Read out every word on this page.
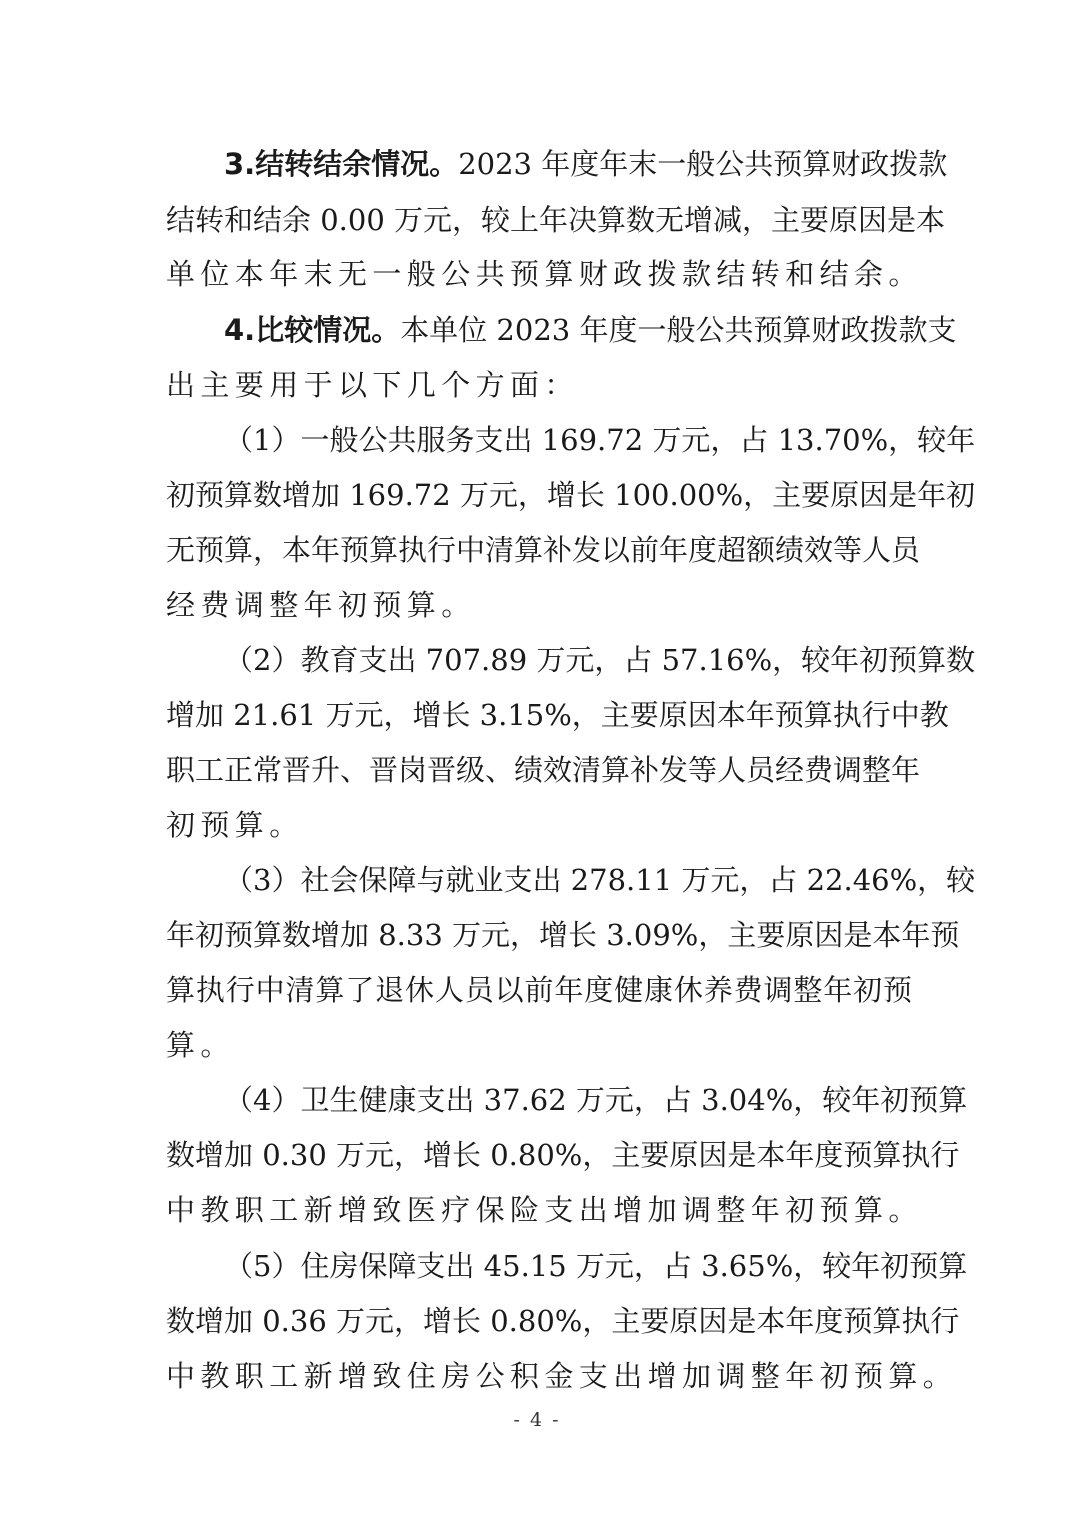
3.结转结余情况。2023 年度年末一般公共预算财政拨款
结转和结余 0.00 万元，较上年决算数无增减，主要原因是本
单位本年末无一般公共预算财政拨款结转和结余。
4.比较情况。本单位 2023 年度一般公共预算财政拨款支
出主要用于以下几个方面：
（1）一般公共服务支出 169.72 万元，占 13.70%，较年
初预算数增加 169.72 万元，增长 100.00%，主要原因是年初
无预算，本年预算执行中清算补发以前年度超额绩效等人员
经费调整年初预算。
（2）教育支出 707.89 万元，占 57.16%，较年初预算数
增加 21.61 万元，增长 3.15%，主要原因本年预算执行中教
职工正常晋升、晋岗晋级、绩效清算补发等人员经费调整年
初预算。
（3）社会保障与就业支出 278.11 万元，占 22.46%，较
年初预算数增加 8.33 万元，增长 3.09%，主要原因是本年预
算执行中清算了退休人员以前年度健康休养费调整年初预
算。
（4）卫生健康支出 37.62 万元，占 3.04%，较年初预算
数增加 0.30 万元，增长 0.80%，主要原因是本年度预算执行
中教职工新增致医疗保险支出增加调整年初预算。
（5）住房保障支出 45.15 万元，占 3.65%，较年初预算
数增加 0.36 万元，增长 0.80%，主要原因是本年度预算执行
中教职工新增致住房公积金支出增加调整年初预算。
- 4 -
